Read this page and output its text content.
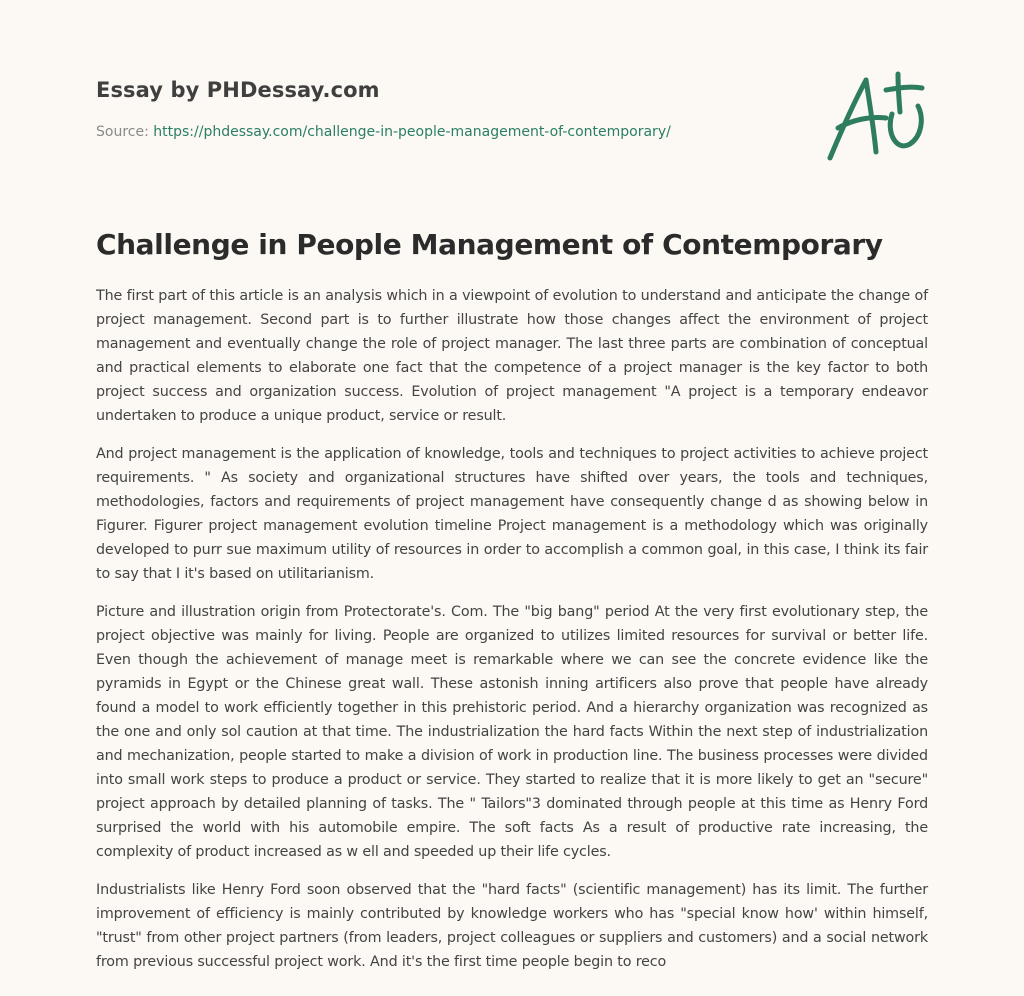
Essay by PHDessay.com
Source: https://phdessay.com/challenge-in-people-management-of-contemporary/
Challenge in People Management of Contemporary

The first part of this article is an analysis which in a viewpoint of evolution to understand and anticipate the change of project management. Second part is to further illustrate how those changes affect the environment of project management and eventually change the role of project manager. The last three parts are combination of conceptual and practical elements to elaborate one fact that the competence of a project manager is the key factor to both project success and organization success. Evolution of project management "A project is a temporary endeavor undertaken to produce a unique product, service or result.

And project management is the application of knowledge, tools and techniques to project activities to achieve project requirements. " As society and organizational structures have shifted over years, the tools and techniques, methodologies, factors and requirements of project management have consequently change d as showing below in Figurer. Figurer project management evolution timeline Project management is a methodology which was originally developed to purr sue maximum utility of resources in order to accomplish a common goal, in this case, I think its fair to say that I it's based on utilitarianism.

Picture and illustration origin from Protectorate's. Com. The "big bang" period At the very first evolutionary step, the project objective was mainly for living. People are organized to utilizes limited resources for survival or better life. Even though the achievement of manage meet is remarkable where we can see the concrete evidence like the pyramids in Egypt or the Chinese great wall. These astonish inning artificers also prove that people have already found a model to work efficiently together in this prehistoric period. And a hierarchy organization was recognized as the one and only sol caution at that time. The industrialization the hard facts Within the next step of industrialization and mechanization, people started to make a division of work in production line. The business processes were divided into small work steps to produce a product or service. They started to realize that it is more likely to get an "secure" project approach by detailed planning of tasks. The " Tailors"3 dominated through people at this time as Henry Ford surprised the world with his automobile empire. The soft facts As a result of productive rate increasing, the complexity of product increased as w ell and speeded up their life cycles.

Industrialists like Henry Ford soon observed that the "hard facts" (scientific management) has its limit. The further improvement of efficiency is mainly contributed by knowledge workers who has "special know how' within himself, "trust" from other project partners (from leaders, project colleagues or suppliers and customers) and a social network from previous successful project work. And it's the first time people begin to reco
